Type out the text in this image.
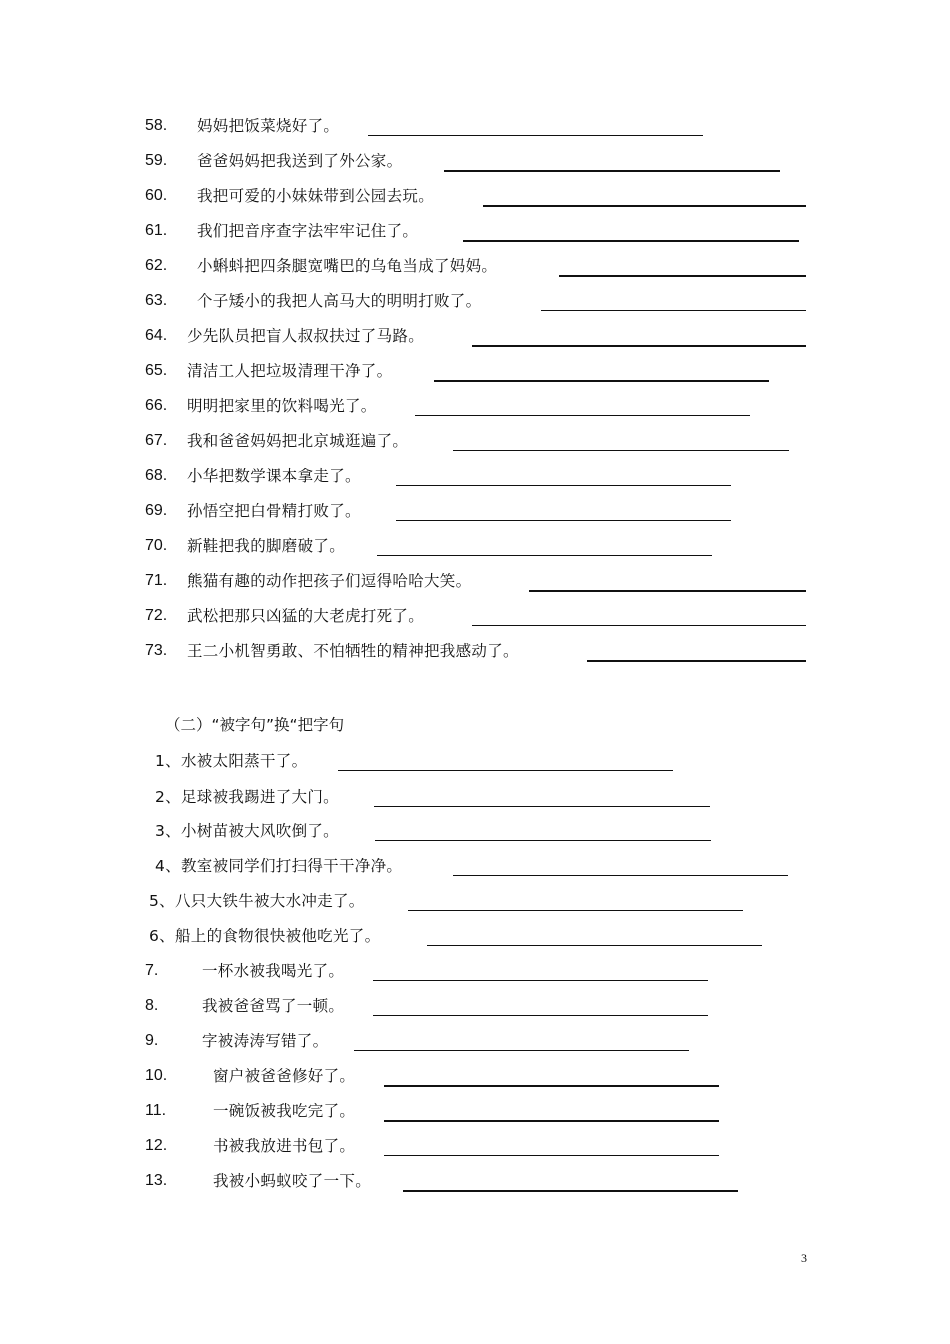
58.	妈妈把饭菜烧好了。
59.	爸爸妈妈把我送到了外公家。
60.	我把可爱的小妹妹带到公园去玩。
61.	我们把音序查字法牢牢记住了。
62.	小蝌蚪把四条腿宽嘴巴的乌龟当成了妈妈。
63.	个子矮小的我把人高马大的明明打败了。
64.	少先队员把盲人叔叔扶过了马路。
65.	清洁工人把垃圾清理干净了。
66.	明明把家里的饮料喝光了。
67.	我和爸爸妈妈把北京城逛遍了。
68.	小华把数学课本拿走了。
69.	孙悟空把白骨精打败了。
70.	新鞋把我的脚磨破了。
71.	熊猫有趣的动作把孩子们逗得哈哈大笑。
72.	武松把那只凶猛的大老虎打死了。
73.	王二小机智勇敢、不怕牺牲的精神把我感动了。
（二）“被字句”换“把字句
1、 水被太阳蒸干了。
2、 足球被我踢进了大门。
3、 小树苗被大风吹倒了。
4、 教室被同学们打扫得干干净净。
5、 八只大铁牛被大水冲走了。
6、 船上的食物很快被他吃光了。
7.	一杯水被我喝光了。
8.	我被爸爸骂了一顿。
9.	字被涛涛写错了。
10.	窗户被爸爸修好了。
11.	一碗饭被我吃完了。
12.	书被我放进书包了。
13.	我被小蚂蚁咬了一下。
3
